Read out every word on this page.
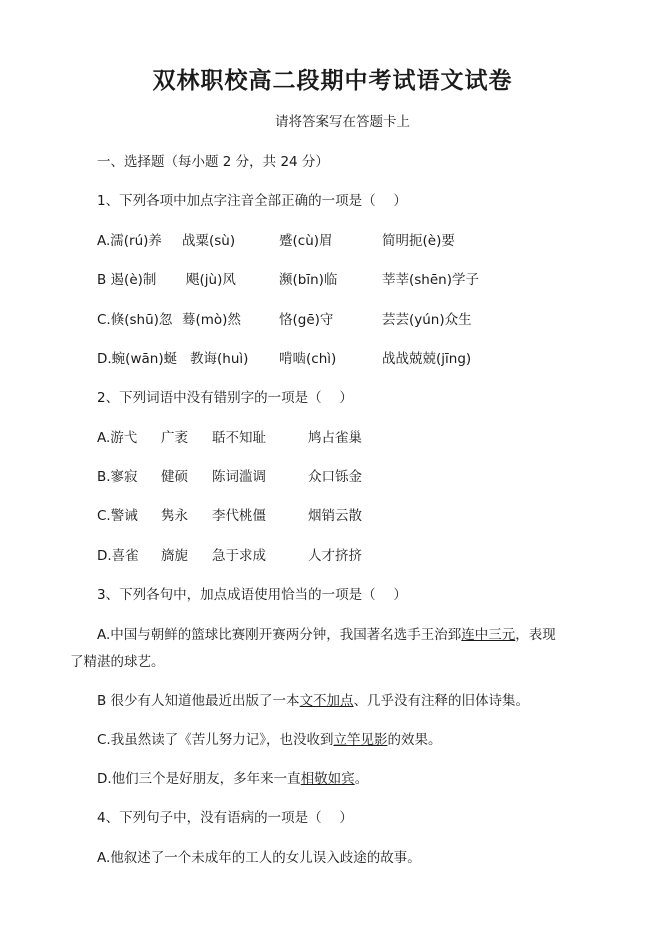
双林职校高二段期中考试语文试卷
请将答案写在答题卡上
一、选择题（每小题 2 分，共 24 分）
1、下列各项中加点字注音全部正确的一项是（　 ）
A.濡(rú)养 战粟(sù)	蹙(cù)眉	简明扼(è)要
B 遏(è)制 飓(jù)风	濒(bīn)临	莘莘(shēn)学子
C.倏(shū)忽 蓦(mò)然	恪(gē)守	芸芸(yún)众生
D.蜿(wān)蜒 教诲(huì) 啃啮(chì)	战战兢兢(jīng)
2、下列词语中没有错别字的一项是（　 ）
A.游弋 广袤 聒不知耻	鸠占雀巢
B.寥寂 健硕 陈词滥调	众口铄金
C.警诫 隽永 李代桃僵	烟销云散
D.喜雀 旖旎 急于求成	人才挤挤
3、下列各句中，加点成语使用恰当的一项是（　 ）
A.中国与朝鲜的篮球比赛刚开赛两分钟，我国著名选手王治郅连中三元，表现
了精湛的球艺。
B 很少有人知道他最近出版了一本文不加点、几乎没有注释的旧体诗集。
C.我虽然读了《苦儿努力记》，也没收到立竿见影的效果。
D.他们三个是好朋友，多年来一直相敬如宾。
4、下列句子中，没有语病的一项是（　 ）
A.他叙述了一个未成年的工人的女儿误入歧途的故事。
